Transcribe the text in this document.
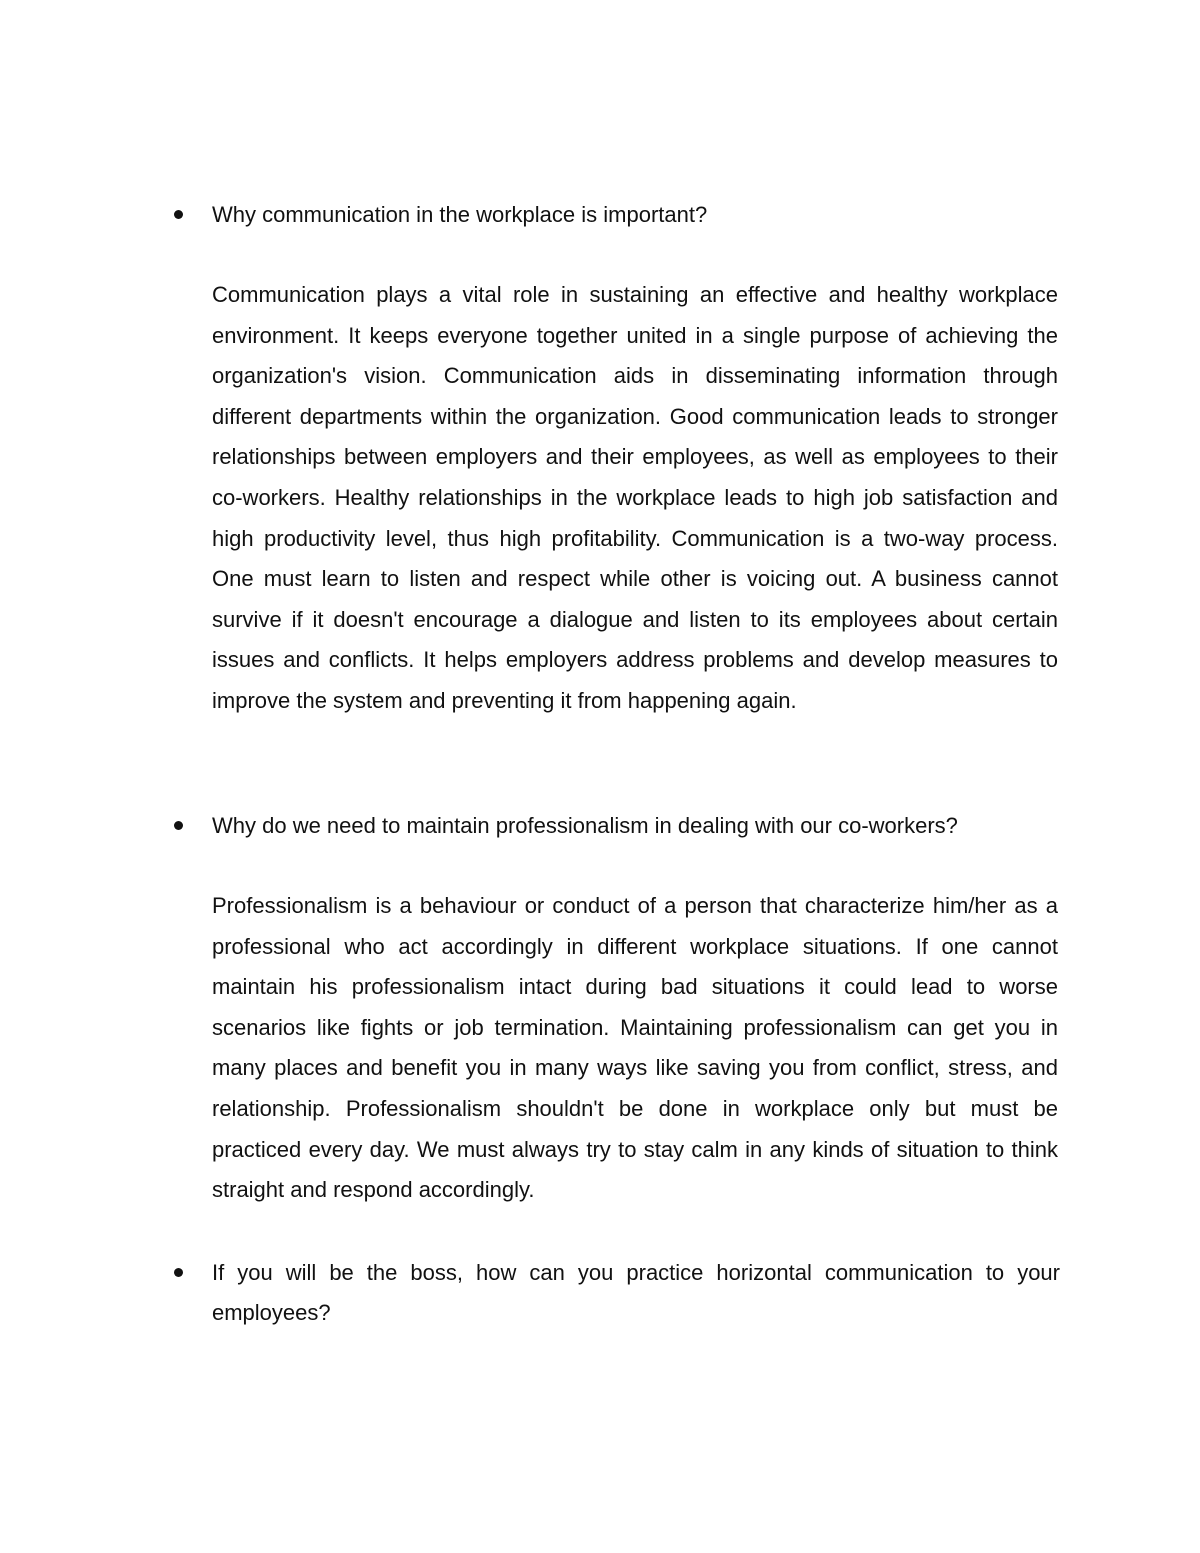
Why communication in the workplace is important?
Communication plays a vital role in sustaining an effective and healthy workplace environment. It keeps everyone together united in a single purpose of achieving the organization's vision. Communication aids in disseminating information through different departments within the organization. Good communication leads to stronger relationships between employers and their employees, as well as employees to their co-workers. Healthy relationships in the workplace leads to high job satisfaction and high productivity level, thus high profitability. Communication is a two-way process. One must learn to listen and respect while other is voicing out. A business cannot survive if it doesn't encourage a dialogue and listen to its employees about certain issues and conflicts. It helps employers address problems and develop measures to improve the system and preventing it from happening again.
Why do we need to maintain professionalism in dealing with our co-workers?
Professionalism is a behaviour or conduct of a person that characterize him/her as a professional who act accordingly in different workplace situations. If one cannot maintain his professionalism intact during bad situations it could lead to worse scenarios like fights or job termination. Maintaining professionalism can get you in many places and benefit you in many ways like saving you from conflict, stress, and relationship. Professionalism shouldn't be done in workplace only but must be practiced every day. We must always try to stay calm in any kinds of situation to think straight and respond accordingly.
If you will be the boss, how can you practice horizontal communication to your employees?
